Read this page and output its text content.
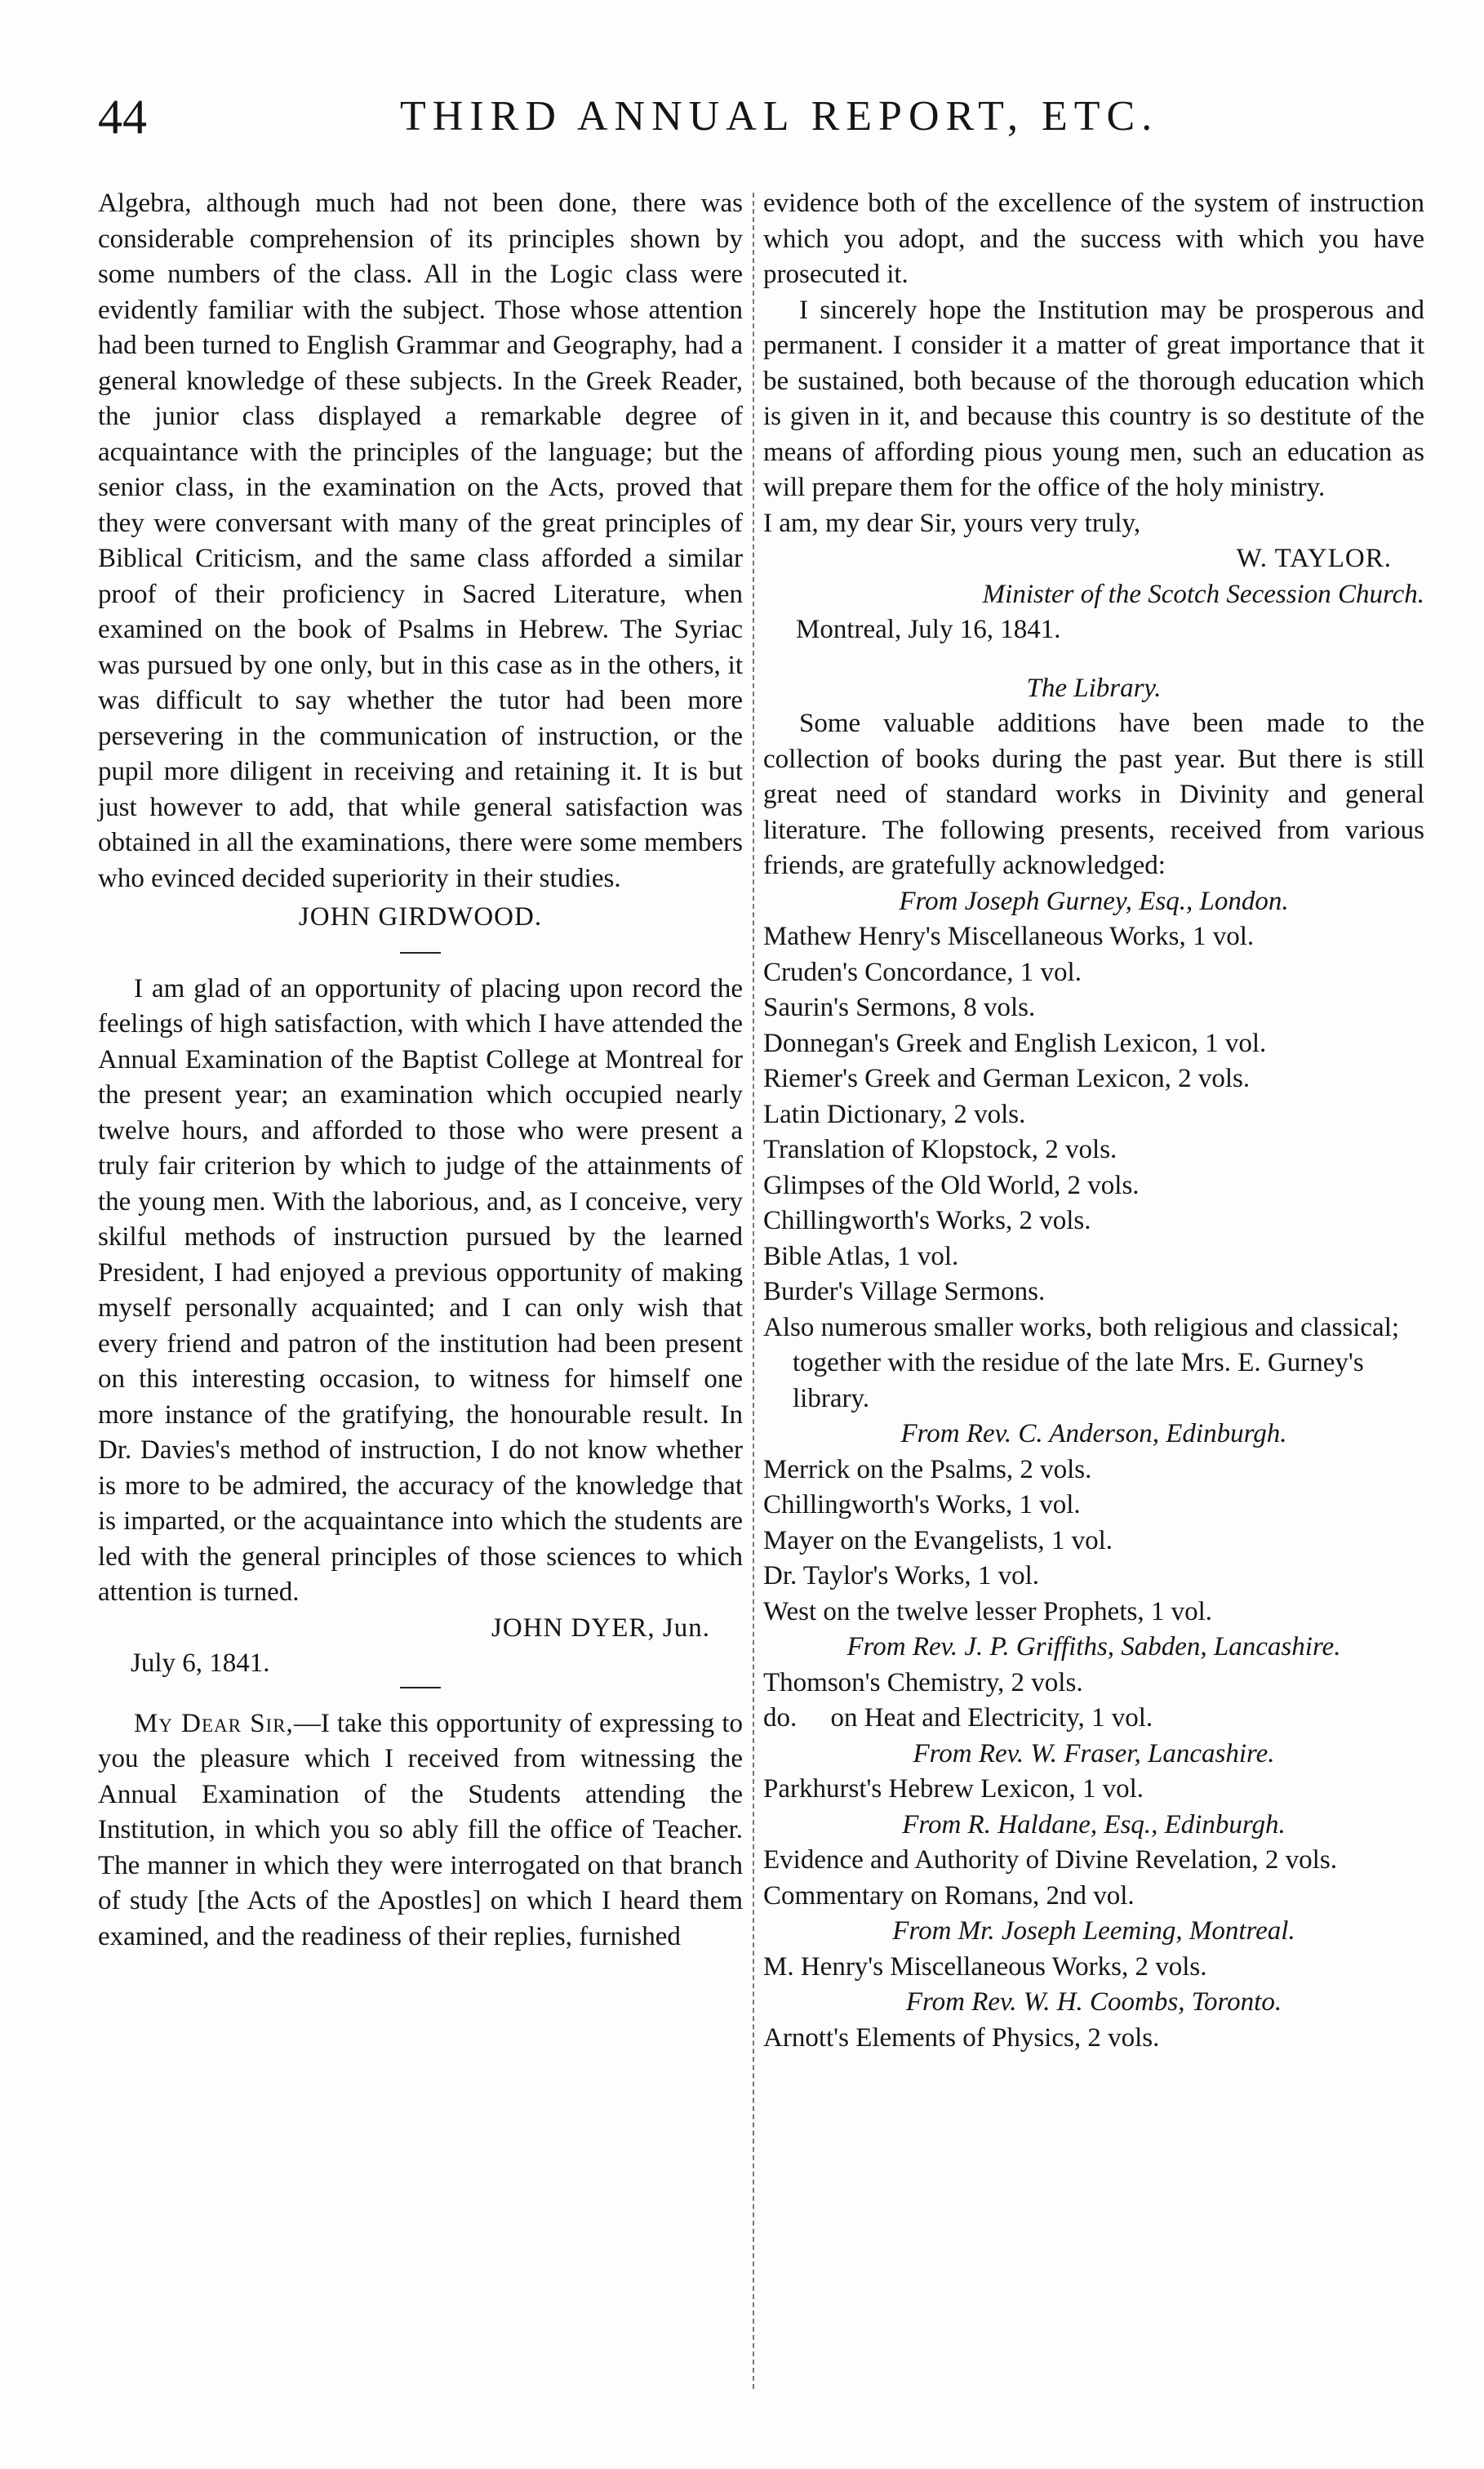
44	THIRD ANNUAL REPORT, ETC.

Algebra, although much had not been done, there was considerable comprehension of its principles shown by some numbers of the class. All in the Logic class were evidently familiar with the subject. Those whose attention had been turned to English Grammar and Geography, had a general knowledge of these subjects. In the Greek Reader, the junior class displayed a remarkable degree of acquaintance with the principles of the language; but the senior class, in the examination on the Acts, proved that they were conversant with many of the great principles of Biblical Criticism, and the same class afforded a similar proof of their proficiency in Sacred Literature, when examined on the book of Psalms in Hebrew. The Syriac was pursued by one only, but in this case as in the others, it was difficult to say whether the tutor had been more persevering in the communication of instruction, or the pupil more diligent in receiving and retaining it. It is but just however to add, that while general satisfaction was obtained in all the examinations, there were some members who evinced decided superiority in their studies.

JOHN GIRDWOOD.

I am glad of an opportunity of placing upon record the feelings of high satisfaction, with which I have attended the Annual Examination of the Baptist College at Montreal for the present year; an examination which occupied nearly twelve hours, and afforded to those who were present a truly fair criterion by which to judge of the attainments of the young men. With the laborious, and, as I conceive, very skilful methods of instruction pursued by the learned President, I had enjoyed a previous opportunity of making myself personally acquainted; and I can only wish that every friend and patron of the institution had been present on this interesting occasion, to witness for himself one more instance of the gratifying, the honourable result. In Dr. Davies's method of instruction, I do not know whether is more to be admired, the accuracy of the knowledge that is imparted, or the acquaintance into which the students are led with the general principles of those sciences to which attention is turned.

JOHN DYER, Jun.

July 6, 1841.

My Dear Sir,—I take this opportunity of expressing to you the pleasure which I received from witnessing the Annual Examination of the Students attending the Institution, in which you so ably fill the office of Teacher. The manner in which they were interrogated on that branch of study [the Acts of the Apostles] on which I heard them examined, and the readiness of their replies, furnished

evidence both of the excellence of the system of instruction which you adopt, and the success with which you have prosecuted it.

I sincerely hope the Institution may be prosperous and permanent. I consider it a matter of great importance that it be sustained, both because of the thorough education which is given in it, and because this country is so destitute of the means of affording pious young men, such an education as will prepare them for the office of the holy ministry.

I am, my dear Sir, yours very truly,

W. TAYLOR.

Minister of the Scotch Secession Church.

Montreal, July 16, 1841.

The Library.

Some valuable additions have been made to the collection of books during the past year. But there is still great need of standard works in Divinity and general literature. The following presents, received from various friends, are gratefully acknowledged:

From Joseph Gurney, Esq., London.

Mathew Henry's Miscellaneous Works, 1 vol.
Cruden's Concordance, 1 vol.
Saurin's Sermons, 8 vols.
Donnegan's Greek and English Lexicon, 1 vol.
Riemer's Greek and German Lexicon, 2 vols.
Latin Dictionary, 2 vols.
Translation of Klopstock, 2 vols.
Glimpses of the Old World, 2 vols.
Chillingworth's Works, 2 vols.
Bible Atlas, 1 vol.
Burder's Village Sermons.
Also numerous smaller works, both religious and classical; together with the residue of the late Mrs. E. Gurney's library.

From Rev. C. Anderson, Edinburgh.

Merrick on the Psalms, 2 vols.
Chillingworth's Works, 1 vol.
Mayer on the Evangelists, 1 vol.
Dr. Taylor's Works, 1 vol.
West on the twelve lesser Prophets, 1 vol.

From Rev. J. P. Griffiths, Sabden, Lancashire.

Thomson's Chemistry, 2 vols.
do.     on Heat and Electricity, 1 vol.

From Rev. W. Fraser, Lancashire.

Parkhurst's Hebrew Lexicon, 1 vol.

From R. Haldane, Esq., Edinburgh.

Evidence and Authority of Divine Revelation, 2 vols.
Commentary on Romans, 2nd vol.

From Mr. Joseph Leeming, Montreal.

M. Henry's Miscellaneous Works, 2 vols.

From Rev. W. H. Coombs, Toronto.

Arnott's Elements of Physics, 2 vols.
